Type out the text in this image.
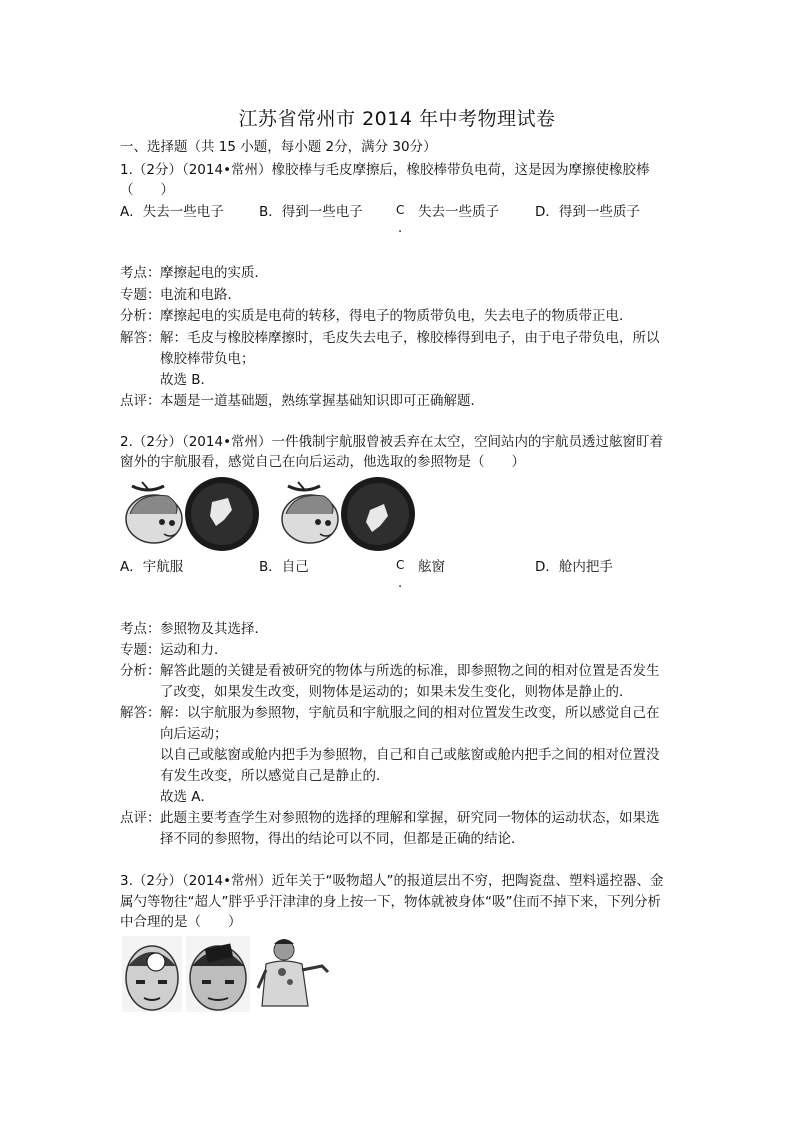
江苏省常州市 2014 年中考物理试卷
一、选择题（共 15 小题，每小题 2分，满分 30分）
1.（2分）（2014•常州）橡胶棒与毛皮摩擦后，橡胶棒带负电荷，这是因为摩擦使橡胶棒
（　　）
A．失去一些电子	B．得到一些电子	C
.
失去一些质子	D．得到一些质子
考点：摩擦起电的实质．
专题：电流和电路．
分析：摩擦起电的实质是电荷的转移，得电子的物质带负电，失去电子的物质带正电．
解答：解：毛皮与橡胶棒摩擦时，毛皮失去电子，橡胶棒得到电子，由于电子带负电，所以
橡胶棒带负电；
故选 B．
点评：本题是一道基础题，熟练掌握基础知识即可正确解题．
2.（2分）（2014•常州）一件俄制宇航服曾被丢弃在太空，空间站内的宇航员透过舷窗盯着
窗外的宇航服看，感觉自己在向后运动，他选取的参照物是（　　）
A．宇航服	B．自己	C
.
舷窗	D．舱内把手
考点：参照物及其选择．
专题：运动和力．
分析：解答此题的关键是看被研究的物体与所选的标准，即参照物之间的相对位置是否发生
了改变，如果发生改变，则物体是运动的；如果未发生变化，则物体是静止的．
解答：解：以宇航服为参照物，宇航员和宇航服之间的相对位置发生改变，所以感觉自己在
向后运动；
以自己或舷窗或舱内把手为参照物，自己和自己或舷窗或舱内把手之间的相对位置没
有发生改变，所以感觉自己是静止的．
故选 A．
点评：此题主要考查学生对参照物的选择的理解和掌握，研究同一物体的运动状态，如果选
择不同的参照物，得出的结论可以不同，但都是正确的结论．
3.（2分）（2014•常州）近年关于“吸物超人”的报道层出不穷，把陶瓷盘、塑料遥控器、金
属勺等物往“超人”胖乎乎汗津津的身上按一下，物体就被身体“吸”住而不掉下来，下列分析
中合理的是（　　）
